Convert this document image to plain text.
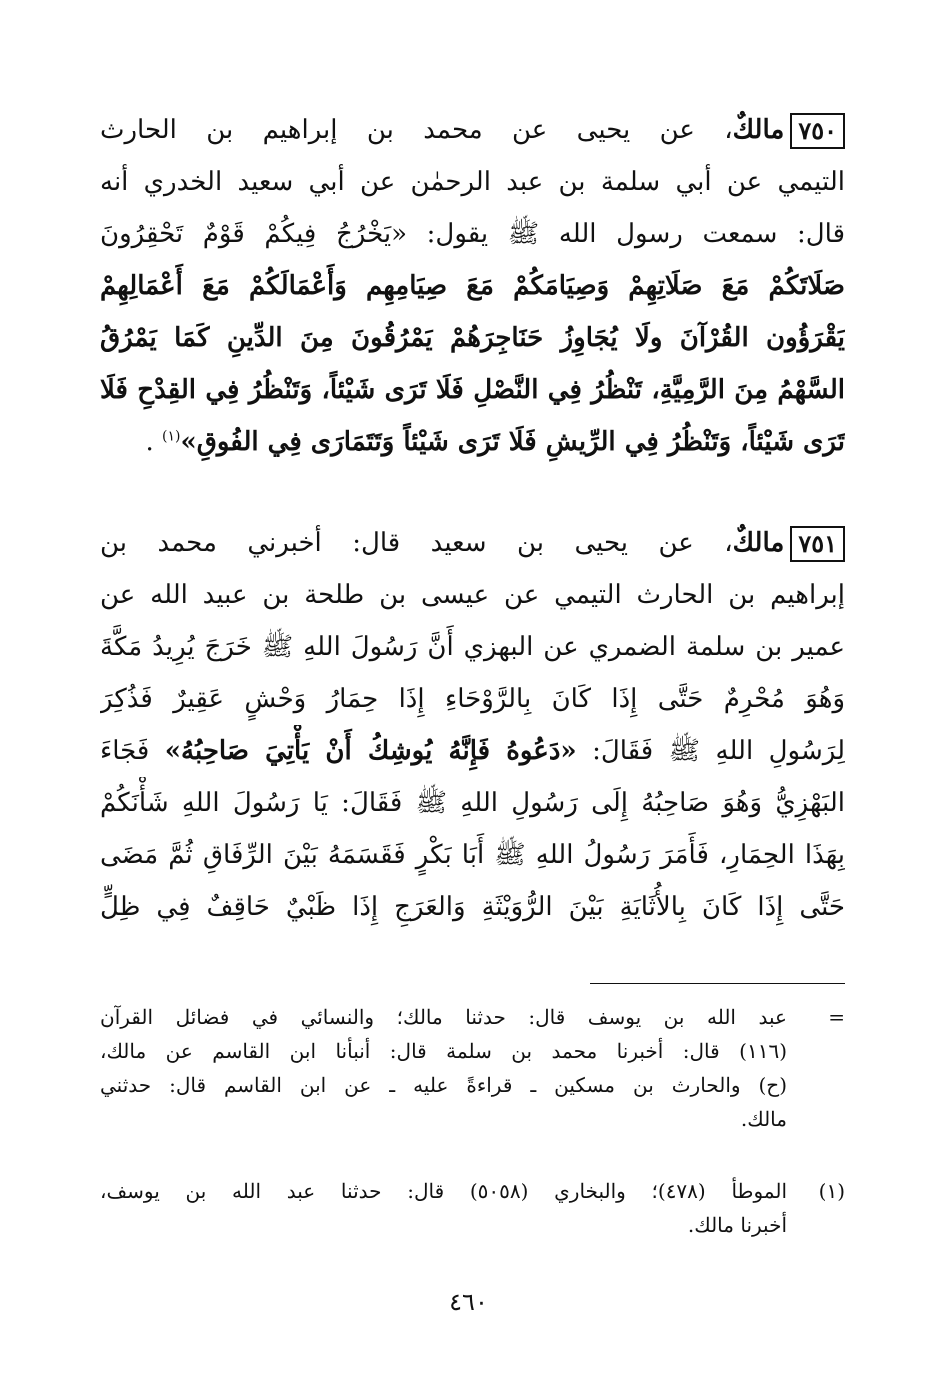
٧٥٠مالكٌ، عن يحيى عن محمد بن إبراهيم بن الحارث
التيمي عن أبي سلمة بن عبد الرحمٰن عن أبي سعيد الخدري أنه
قال: سمعت رسول الله ﷺ يقول: «يَخْرُجُ فِيكُمْ قَوْمٌ تَحْقِرُونَ
صَلَاتَكُمْ مَعَ صَلَاتِهِمْ وَصِيَامَكُمْ مَعَ صِيَامِهِم وَأَعْمَالَكُمْ مَعَ أَعْمَالِهِمْ
يَقْرَؤُون القُرْآنَ ولَا يُجَاوِزُ حَنَاجِرَهُمْ يَمْرُقُونَ مِنَ الدِّينِ كَمَا يَمْرُقُ
السَّهْمُ مِنَ الرَّمِيَّةِ، تَنْظُرُ فِي النَّصْلِ فَلَا تَرَى شَيْئاً، وَتَنْظُرُ فِي القِدْحِ فَلَا
تَرَى شَيْئاً، وَتَنْظُرُ فِي الرِّيشِ فَلَا تَرَى شَيْئاً وَتَتَمَارَى فِي الفُوقِ»$^{(١)}$ .
٧٥١مالكٌ، عن يحيى بن سعيد قال: أخبرني محمد بن
إبراهيم بن الحارث التيمي عن عيسى بن طلحة بن عبيد الله عن
عمير بن سلمة الضمري عن البهزي أَنَّ رَسُولَ اللهِ ﷺ خَرَجَ يُرِيدُ مَكَّةَ
وَهُوَ مُحْرِمٌ حَتَّى إِذَا كَانَ بِالرَّوْحَاءِ إِذَا حِمَارُ وَحْشٍ عَقِيرٌ فَذُكِرَ
لِرَسُولِ اللهِ ﷺ فَقَالَ: «دَعُوهُ فَإِنَّهُ يُوشِكُ أَنْ يَأْتِيَ صَاحِبُهُ» فَجَاءَ
البَهْزِيُّ وَهُوَ صَاحِبُهُ إِلَى رَسُولِ اللهِ ﷺ فَقَالَ: يَا رَسُولَ اللهِ شَأْنَكُمْ
بِهَذَا الحِمَارِ، فَأَمَرَ رَسُولُ اللهِ ﷺ أَبَا بَكْرٍ فَقَسَمَهُ بَيْنَ الرِّفَاقِ ثُمَّ مَضَى
حَتَّى إِذَا كَانَ بِالأُثَايَةِ بَيْنَ الرُّوَيْثَةِ وَالعَرَجِ إِذَا ظَبْيٌ حَاقِفٌ فِي ظِلٍّ
=
عبد الله بن يوسف قال: حدثنا مالك؛ والنسائي في فضائل القرآن
(١١٦) قال: أخبرنا محمد بن سلمة قال: أنبأنا ابن القاسم عن مالك،
(ح) والحارث بن مسكين ـ قراءةً عليه ـ عن ابن القاسم قال: حدثني
مالك.
(١)
الموطأ (٤٧٨)؛ والبخاري (٥٠٥٨) قال: حدثنا عبد الله بن يوسف،
أخبرنا مالك.
٤٦٠
